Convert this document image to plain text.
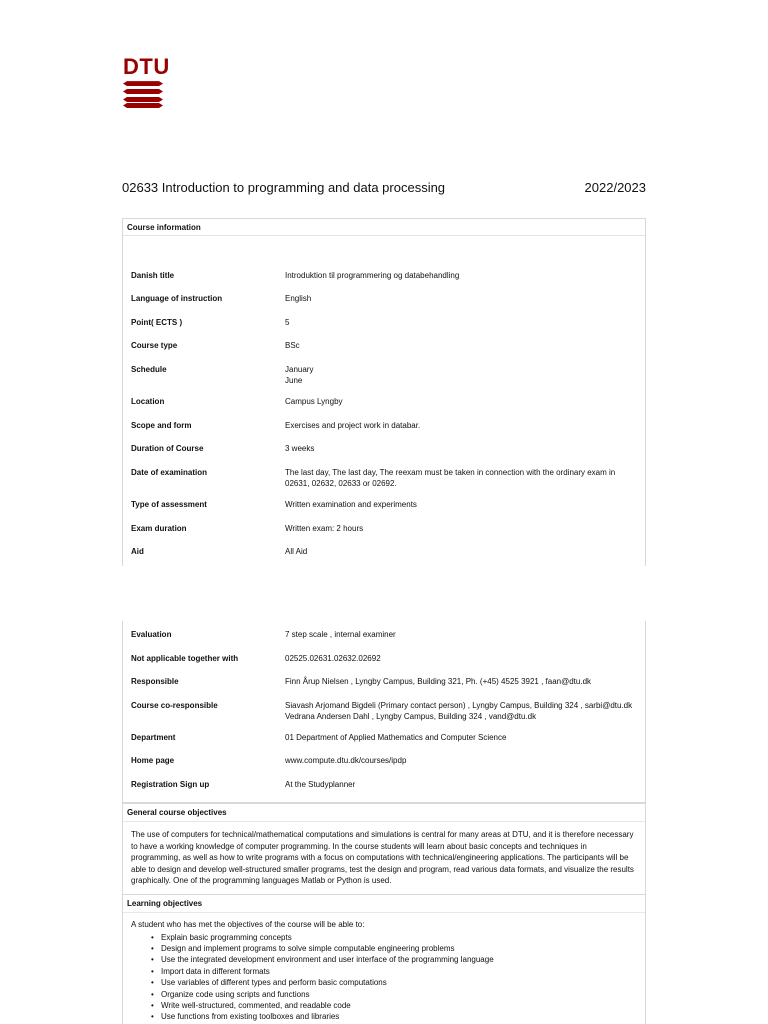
DTU
02633 Introduction to programming and data processing	2022/2023
Course information
Danish title	Introduktion til programmering og databehandling
Language of instruction	English
Point( ECTS )	5
Course type	BSc
Schedule	January
June
Location	Campus Lyngby
Scope and form	Exercises and project work in databar.
Duration of Course	3 weeks
Date of examination	The last day, The last day, The reexam must be taken in connection with the ordinary exam in 02631, 02632, 02633 or 02692.
Type of assessment	Written examination and experiments
Exam duration	Written exam: 2 hours
Aid	All Aid
Evaluation	7 step scale , internal examiner
Not applicable together with	02525.02631.02632.02692
Responsible	Finn Årup Nielsen , Lyngby Campus, Building 321, Ph. (+45) 4525 3921 , faan@dtu.dk
Course co-responsible	Siavash Arjomand Bigdeli (Primary contact person) , Lyngby Campus, Building 324 , sarbi@dtu.dk
Vedrana Andersen Dahl , Lyngby Campus, Building 324 , vand@dtu.dk
Department	01 Department of Applied Mathematics and Computer Science
Home page	www.compute.dtu.dk/courses/ipdp
Registration Sign up	At the Studyplanner
General course objectives
The use of computers for technical/mathematical computations and simulations is central for many areas at DTU, and it is therefore necessary to have a working knowledge of computer programming. In the course students will learn about basic concepts and techniques in programming, as well as how to write programs with a focus on computations with technical/engineering applications. The participants will be able to design and develop well-structured smaller programs, test the design and program, read various data formats, and visualize the results graphically. One of the programming languages Matlab or Python is used.
Learning objectives
A student who has met the objectives of the course will be able to:
• Explain basic programming concepts
• Design and implement programs to solve simple computable engineering problems
• Use the integrated development environment and user interface of the programming language
• Import data in different formats
• Use variables of different types and perform basic computations
• Organize code using scripts and functions
• Write well-structured, commented, and readable code
• Use functions from existing toolboxes and libraries
